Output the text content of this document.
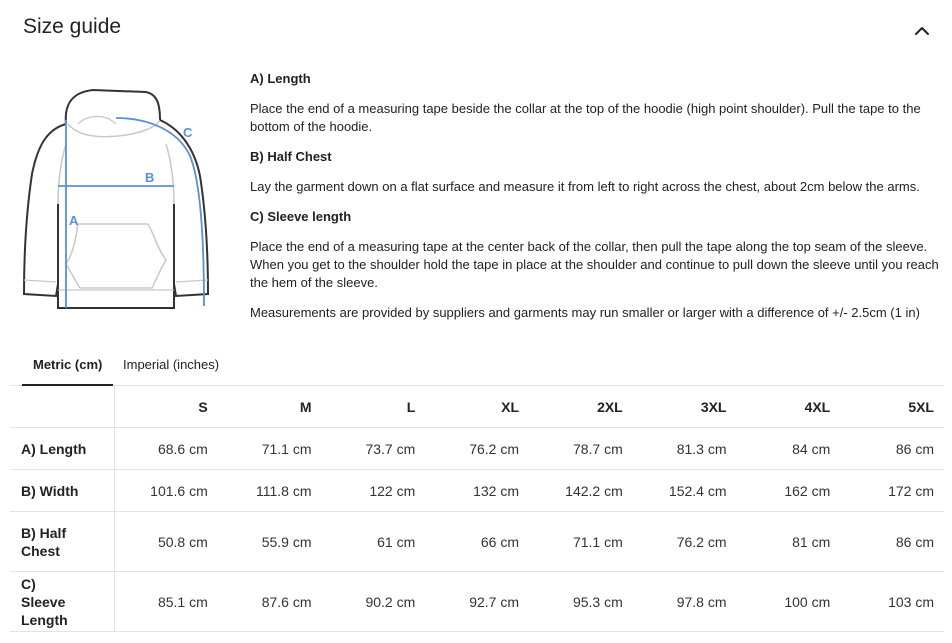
Size guide
A
B
C
A) Length
Place the end of a measuring tape beside the collar at the top of the hoodie (high point shoulder). Pull the tape to the bottom of the hoodie.
B) Half Chest
Lay the garment down on a flat surface and measure it from left to right across the chest, about 2cm below the arms.
C) Sleeve length
Place the end of a measuring tape at the center back of the collar, then pull the tape along the top seam of the sleeve. When you get to the shoulder hold the tape in place at the shoulder and continue to pull down the sleeve until you reach the hem of the sleeve.
Measurements are provided by suppliers and garments may run smaller or larger with a difference of +/- 2.5cm (1 in)
Metric (cm)	Imperial (inches)
	S	M	L	XL	2XL	3XL	4XL	5XL
A) Length	68.6 cm	71.1 cm	73.7 cm	76.2 cm	78.7 cm	81.3 cm	84 cm	86 cm
B) Width	101.6 cm	111.8 cm	122 cm	132 cm	142.2 cm	152.4 cm	162 cm	172 cm
B) Half Chest	50.8 cm	55.9 cm	61 cm	66 cm	71.1 cm	76.2 cm	81 cm	86 cm
C) Sleeve Length	85.1 cm	87.6 cm	90.2 cm	92.7 cm	95.3 cm	97.8 cm	100 cm	103 cm
